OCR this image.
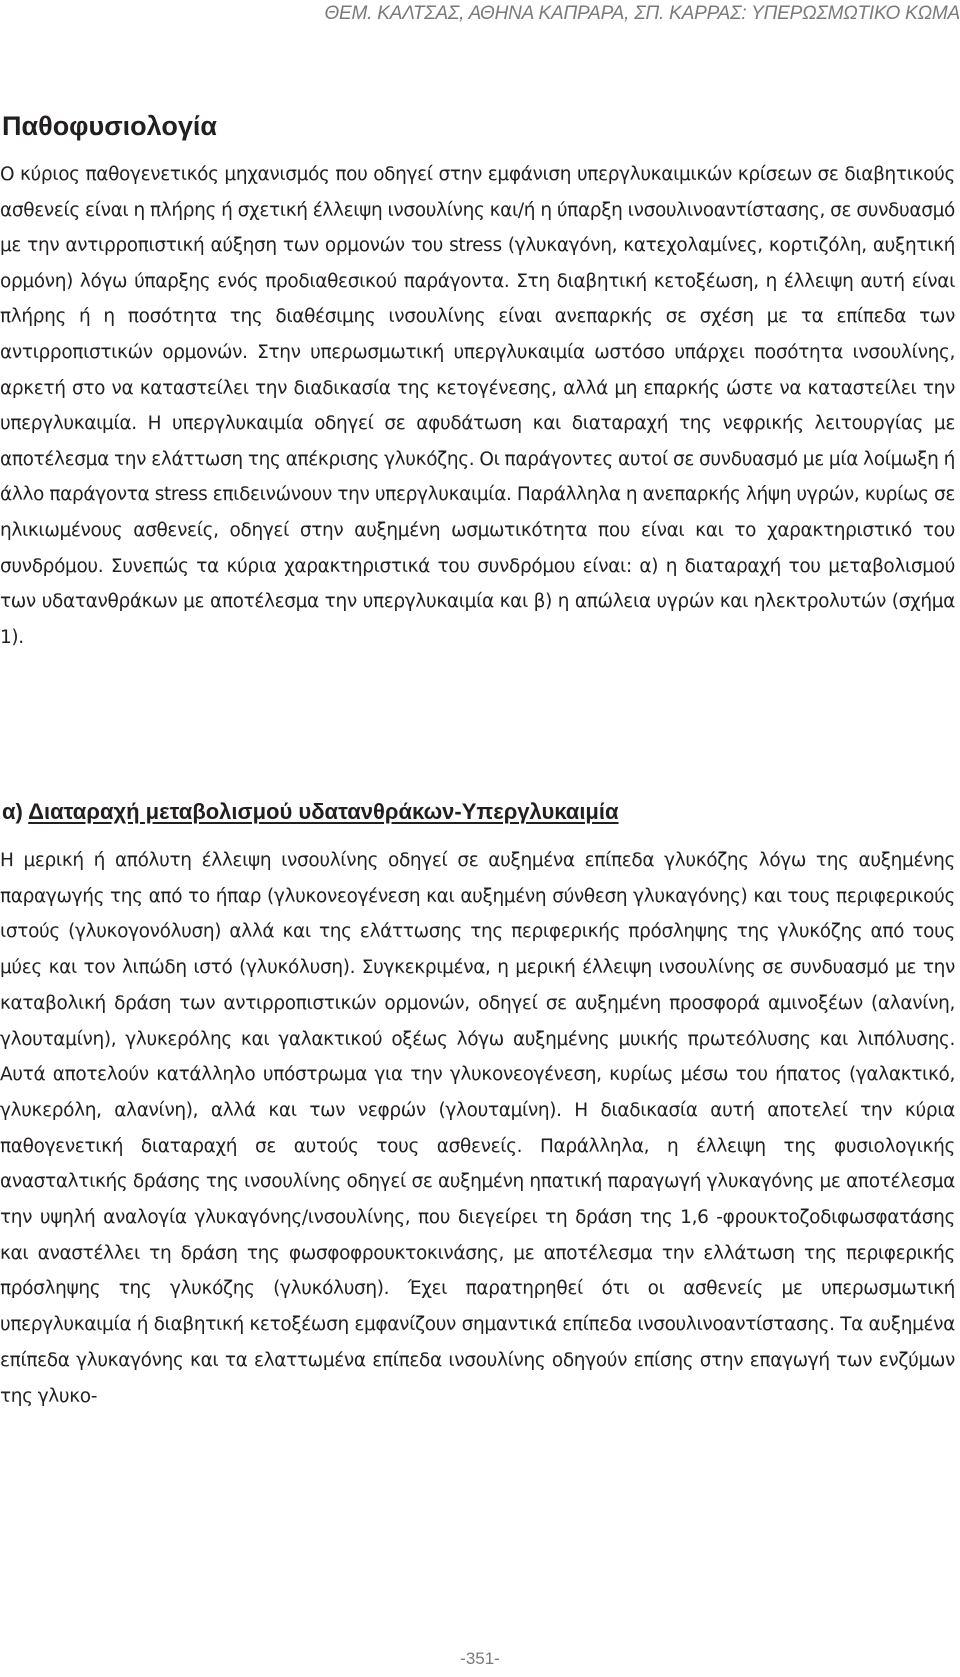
ΘΕΜ. ΚΑΛΤΣΑΣ, ΑΘΗΝΑ ΚΑΠΡΑΡΑ, ΣΠ. ΚΑΡΡΑΣ: ΥΠΕΡΩΣΜΩΤΙΚΟ ΚΩΜΑ
Παθοφυσιολογία

Ο κύριος παθογενετικός μηχανισμός που οδηγεί στην εμφάνιση υπεργλυκαιμικών κρίσεων σε διαβητικούς ασθενείς είναι η πλήρης ή σχετική έλλειψη ινσουλίνης και/ή η ύπαρξη ινσουλινοαντίστασης, σε συνδυασμό με την αντιρροπιστική αύξηση των ορμονών του stress (γλυκαγόνη, κατεχολαμίνες, κορτιζόλη, αυξητική ορμόνη) λόγω ύπαρξης ενός προδιαθεσικού παράγοντα. Στη διαβητική κετοξέωση, η έλλειψη αυτή είναι πλήρης ή η ποσότητα της διαθέσιμης ινσουλίνης είναι ανεπαρκής σε σχέση με τα επίπεδα των αντιρροπιστικών ορμονών. Στην υπερωσμωτική υπεργλυκαιμία ωστόσο υπάρχει ποσότητα ινσουλίνης, αρκετή στο να καταστείλει την διαδικασία της κετογένεσης, αλλά μη επαρκής ώστε να καταστείλει την υπεργλυκαιμία. Η υπεργλυκαιμία οδηγεί σε αφυδάτωση και διαταραχή της νεφρικής λειτουργίας με αποτέλεσμα την ελάττωση της απέκρισης γλυκόζης. Οι παράγοντες αυτοί σε συνδυασμό με μία λοίμωξη ή άλλο παράγοντα stress επιδεινώνουν την υπεργλυκαιμία. Παράλληλα η ανεπαρκής λήψη υγρών, κυρίως σε ηλικιωμένους ασθενείς, οδηγεί στην αυξημένη ωσμωτικότητα που είναι και το χαρακτηριστικό του συνδρόμου. Συνεπώς τα κύρια χαρακτηριστικά του συνδρόμου είναι: α) η διαταραχή του μεταβολισμού των υδατανθράκων με αποτέλεσμα την υπεργλυκαιμία και β) η απώλεια υγρών και ηλεκτρολυτών (σχήμα 1).

α) Διαταραχή μεταβολισμού υδατανθράκων-Υπεργλυκαιμία

Η μερική ή απόλυτη έλλειψη ινσουλίνης οδηγεί σε αυξημένα επίπεδα γλυκόζης λόγω της αυξημένης παραγωγής της από το ήπαρ (γλυκονεογένεση και αυξημένη σύνθεση γλυκαγόνης) και τους περιφερικούς ιστούς (γλυκογονόλυση) αλλά και της ελάττωσης της περιφερικής πρόσληψης της γλυκόζης από τους μύες και τον λιπώδη ιστό (γλυκόλυση). Συγκεκριμένα, η μερική έλλειψη ινσουλίνης σε συνδυασμό με την καταβολική δράση των αντιρροπιστικών ορμονών, οδηγεί σε αυξημένη προσφορά αμινοξέων (αλανίνη, γλουταμίνη), γλυκερόλης και γαλακτικού οξέως λόγω αυξημένης μυικής πρωτεόλυσης και λιπόλυσης. Αυτά αποτελούν κατάλληλο υπόστρωμα για την γλυκονεογένεση, κυρίως μέσω του ήπατος (γαλακτικό, γλυκερόλη, αλανίνη), αλλά και των νεφρών (γλουταμίνη). Η διαδικασία αυτή αποτελεί την κύρια παθογενετική διαταραχή σε αυτούς τους ασθενείς. Παράλληλα, η έλλειψη της φυσιολογικής ανασταλτικής δράσης της ινσουλίνης οδηγεί σε αυξημένη ηπατική παραγωγή γλυκαγόνης με αποτέλεσμα την υψηλή αναλογία γλυκαγόνης/ινσουλίνης, που διεγείρει τη δράση της 1,6 -φρουκτοζοδιφωσφατάσης και αναστέλλει τη δράση της φωσφοφρουκτοκινάσης, με αποτέλεσμα την ελλάτωση της περιφερικής πρόσληψης της γλυκόζης (γλυκόλυση). Έχει παρατηρηθεί ότι οι ασθενείς με υπερωσμωτική υπεργλυκαιμία ή διαβητική κετοξέωση εμφανίζουν σημαντικά επίπεδα ινσουλινοαντίστασης. Τα αυξημένα επίπεδα γλυκαγόνης και τα ελαττωμένα επίπεδα ινσουλίνης οδηγούν επίσης στην επαγωγή των ενζύμων της γλυκο-

-351-
